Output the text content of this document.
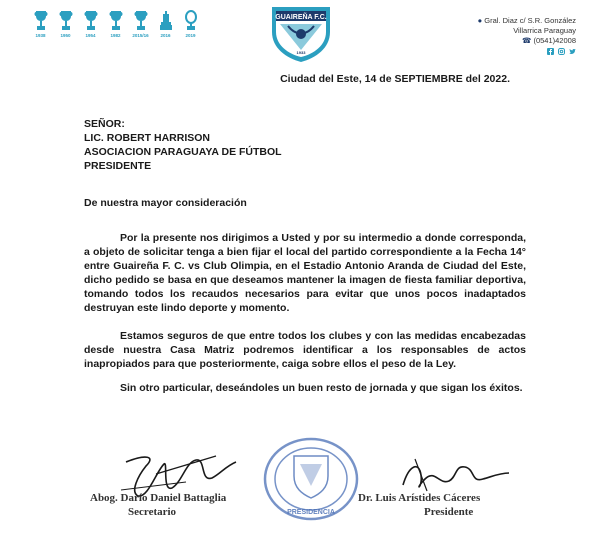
1938	1950	1954	1982	2015/16	2016	2019
GUAIREÑA F.C.
1933
● Gral. Diaz c/ S.R. González
Villarrica Paraguay
☎ (0541)42008
Ciudad del Este, 14 de SEPTIEMBRE del 2022.
SEÑOR:
LIC. ROBERT HARRISON
ASOCIACION PARAGUAYA DE FÚTBOL
PRESIDENTE
De nuestra mayor consideración

Por la presente nos dirigimos a Usted y por su intermedio a donde corresponda, a objeto de solicitar tenga a bien fijar el local del partido correspondiente a la Fecha 14° entre Guaireña F. C. vs Club Olimpia, en el Estadio Antonio Aranda de Ciudad del Este, dicho pedido se basa en que deseamos mantener la imagen de fiesta familiar deportiva, tomando todos los recaudos necesarios para evitar que unos pocos inadaptados destruyan este lindo deporte y momento.

Estamos seguros de que entre todos los clubes y con las medidas encabezadas desde nuestra Casa Matriz podremos identificar a los responsables de actos inapropiados para que posteriormente, caiga sobre ellos el peso de la Ley.

Sin otro particular, deseándoles un buen resto de jornada y que sigan los éxitos.

PRESIDENCIA
Abog. Darío Daniel Battaglia
Secretario
Dr. Luis Arístides Cáceres
Presidente
